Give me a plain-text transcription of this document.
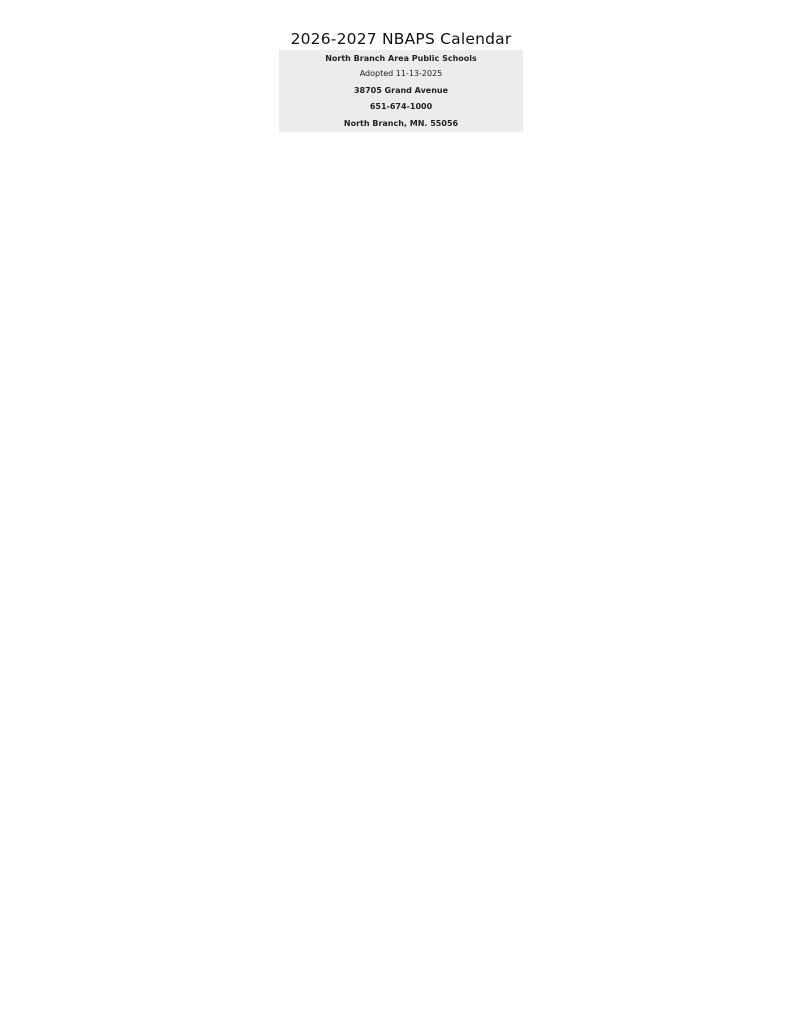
2026-2027 NBAPS Calendar
North Branch Area Public Schools
Adopted 11-13-2025
38705 Grand Avenue
651-674-1000
North Branch, MN. 55056
